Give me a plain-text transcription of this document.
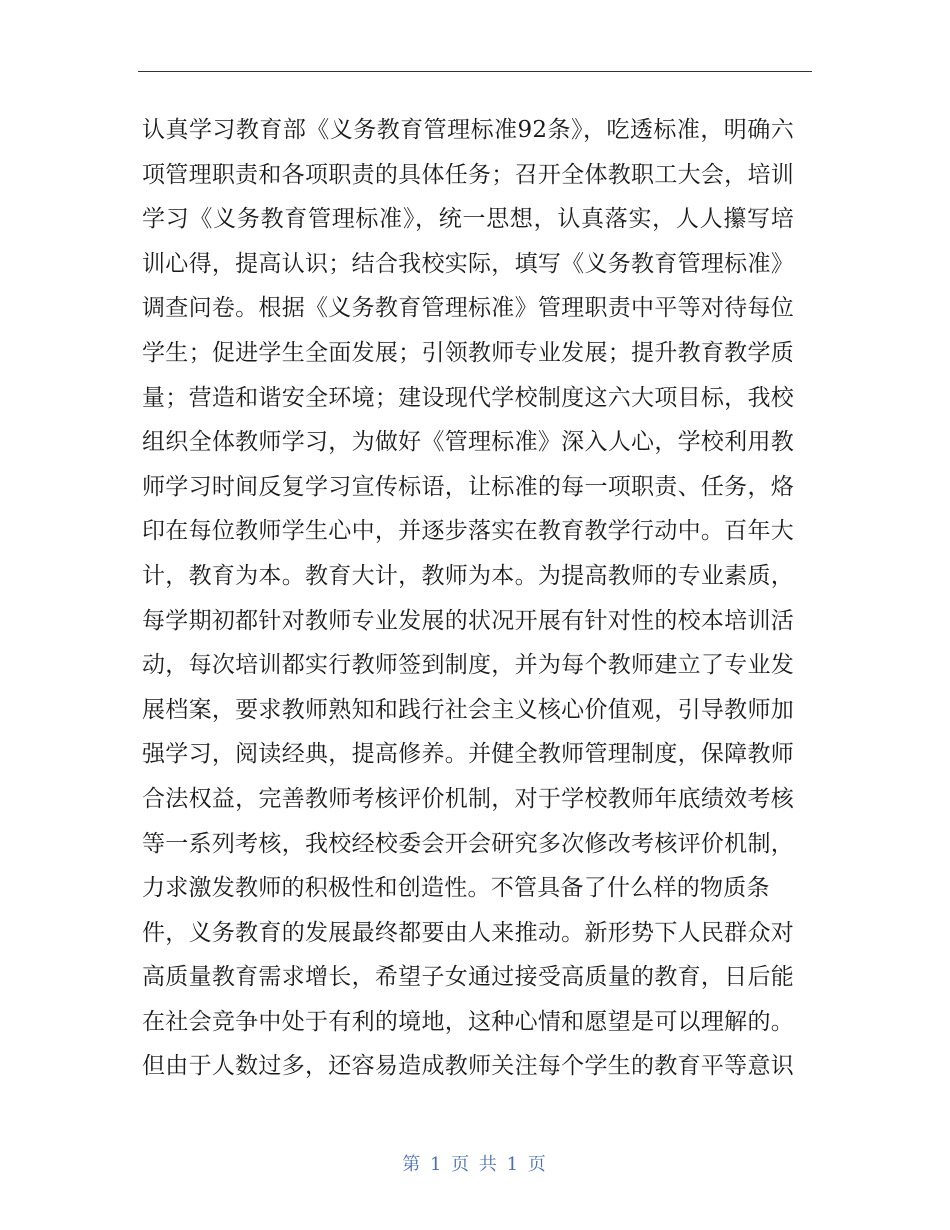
认真学习教育部《义务教育管理标准92条》，吃透标准，明确六
项管理职责和各项职责的具体任务；召开全体教职工大会，培训
学习《义务教育管理标准》，统一思想，认真落实，人人攥写培
训心得，提高认识；结合我校实际，填写《义务教育管理标准》
调查问卷。根据《义务教育管理标准》管理职责中平等对待每位
学生；促进学生全面发展；引领教师专业发展；提升教育教学质
量；营造和谐安全环境；建设现代学校制度这六大项目标，我校
组织全体教师学习，为做好《管理标准》深入人心，学校利用教
师学习时间反复学习宣传标语，让标准的每一项职责、任务，烙
印在每位教师学生心中，并逐步落实在教育教学行动中。百年大
计，教育为本。教育大计，教师为本。为提高教师的专业素质，
每学期初都针对教师专业发展的状况开展有针对性的校本培训活
动，每次培训都实行教师签到制度，并为每个教师建立了专业发
展档案，要求教师熟知和践行社会主义核心价值观，引导教师加
强学习，阅读经典，提高修养。并健全教师管理制度，保障教师
合法权益，完善教师考核评价机制，对于学校教师年底绩效考核
等一系列考核，我校经校委会开会研究多次修改考核评价机制，
力求激发教师的积极性和创造性。不管具备了什么样的物质条
件，义务教育的发展最终都要由人来推动。新形势下人民群众对
高质量教育需求增长，希望子女通过接受高质量的教育，日后能
在社会竞争中处于有利的境地，这种心情和愿望是可以理解的。
但由于人数过多，还容易造成教师关注每个学生的教育平等意识
第 1 页 共 1 页
